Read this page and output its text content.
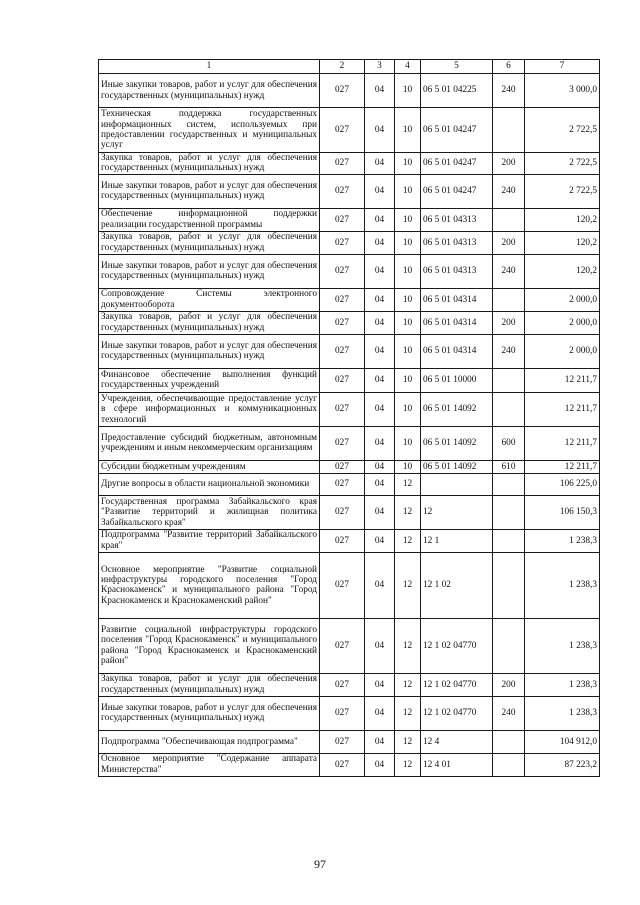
1	2	3	4	5	6	7
Иные закупки товаров, работ и услуг для обеспечения государственных (муниципальных) нужд	027	04	10	06 5 01 04225	240	3 000,0
Техническая поддержка государственных информационных систем, используемых при предоставлении государственных и муниципальных услуг	027	04	10	06 5 01 04247		2 722,5
Закупка товаров, работ и услуг для обеспечения государственных (муниципальных) нужд	027	04	10	06 5 01 04247	200	2 722,5
Иные закупки товаров, работ и услуг для обеспечения государственных (муниципальных) нужд	027	04	10	06 5 01 04247	240	2 722,5
Обеспечение информационной поддержки реализации государственной программы	027	04	10	06 5 01 04313		120,2
Закупка товаров, работ и услуг для обеспечения государственных (муниципальных) нужд	027	04	10	06 5 01 04313	200	120,2
Иные закупки товаров, работ и услуг для обеспечения государственных (муниципальных) нужд	027	04	10	06 5 01 04313	240	120,2
Сопровождение Системы электронного документооборота	027	04	10	06 5 01 04314		2 000,0
Закупка товаров, работ и услуг для обеспечения государственных (муниципальных) нужд	027	04	10	06 5 01 04314	200	2 000,0
Иные закупки товаров, работ и услуг для обеспечения государственных (муниципальных) нужд	027	04	10	06 5 01 04314	240	2 000,0
Финансовое обеспечение выполнения функций государственных учреждений	027	04	10	06 5 01 10000		12 211,7
Учреждения, обеспечивающие предоставление услуг в сфере информационных и коммуникационных технологий	027	04	10	06 5 01 14092		12 211,7
Предоставление субсидий бюджетным, автономным учреждениям и иным некоммерческим организациям	027	04	10	06 5 01 14092	600	12 211,7
Субсидии бюджетным учреждениям	027	04	10	06 5 01 14092	610	12 211,7
Другие вопросы в области национальной экономики	027	04	12			106 225,0
Государственная программа Забайкальского края "Развитие территорий и жилищная политика Забайкальского края"	027	04	12	12		106 150,3
Подпрограмма "Развитие территорий Забайкальского края"	027	04	12	12 1		1 238,3
Основное мероприятие "Развитие социальной инфраструктуры городского поселения "Город Краснокаменск" и муниципального района "Город Краснокаменск и Краснокаменский район"	027	04	12	12 1 02		1 238,3
Развитие социальной инфраструктуры городского поселения "Город Краснокаменск" и муниципального района "Город Краснокаменск и Краснокаменский район"	027	04	12	12 1 02 04770		1 238,3
Закупка товаров, работ и услуг для обеспечения государственных (муниципальных) нужд	027	04	12	12 1 02 04770	200	1 238,3
Иные закупки товаров, работ и услуг для обеспечения государственных (муниципальных) нужд	027	04	12	12 1 02 04770	240	1 238,3
Подпрограмма "Обеспечивающая подпрограмма"	027	04	12	12 4		104 912,0
Основное мероприятие "Содержание аппарата Министерства"	027	04	12	12 4 01		87 223,2
97
